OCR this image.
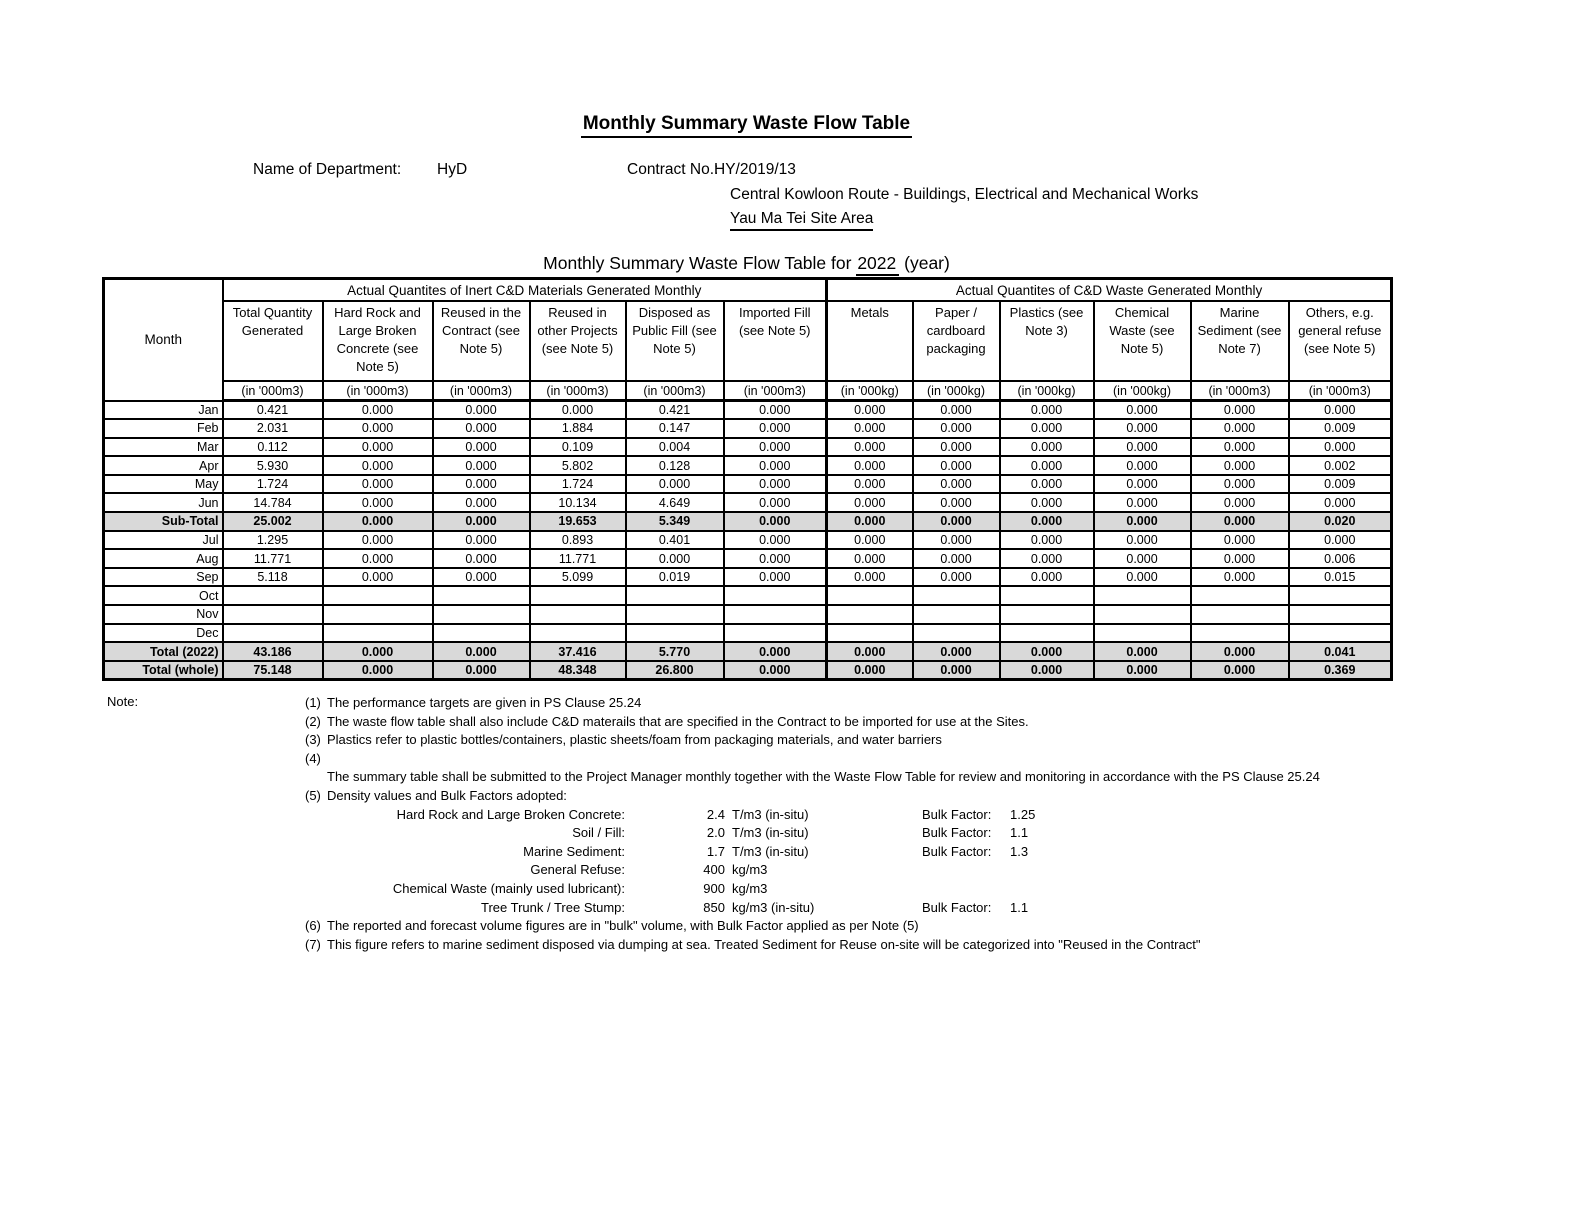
Monthly Summary Waste Flow Table
Name of Department: HyD	Contract No.:
HY/2019/13
Central Kowloon Route - Buildings, Electrical and Mechanical Works
Yau Ma Tei Site Area
Monthly Summary Waste Flow Table for 2022 (year)
Month	Actual Quantites of Inert C&D Materials Generated Monthly						Actual Quantites of C&D Waste Generated Monthly					
	Total Quantity Generated	Hard Rock and Large Broken Concrete (see Note 5)	Reused in the Contract (see Note 5)	Reused in other Projects (see Note 5)	Disposed as Public Fill (see Note 5)	Imported Fill (see Note 5)	Metals	Paper / cardboard packaging	Plastics (see Note 3)	Chemical Waste (see Note 5)	Marine Sediment (see Note 7)	Others, e.g. general refuse (see Note 5)
	(in '000m3)	(in '000m3)	(in '000m3)	(in '000m3)	(in '000m3)	(in '000m3)	(in '000kg)	(in '000kg)	(in '000kg)	(in '000kg)	(in '000m3)	(in '000m3)
Jan	0.421	0.000	0.000	0.000	0.421	0.000	0.000	0.000	0.000	0.000	0.000	0.000
Feb	2.031	0.000	0.000	1.884	0.147	0.000	0.000	0.000	0.000	0.000	0.000	0.009
Mar	0.112	0.000	0.000	0.109	0.004	0.000	0.000	0.000	0.000	0.000	0.000	0.000
Apr	5.930	0.000	0.000	5.802	0.128	0.000	0.000	0.000	0.000	0.000	0.000	0.002
May	1.724	0.000	0.000	1.724	0.000	0.000	0.000	0.000	0.000	0.000	0.000	0.009
Jun	14.784	0.000	0.000	10.134	4.649	0.000	0.000	0.000	0.000	0.000	0.000	0.000
Sub-Total	25.002	0.000	0.000	19.653	5.349	0.000	0.000	0.000	0.000	0.000	0.000	0.020
Jul	1.295	0.000	0.000	0.893	0.401	0.000	0.000	0.000	0.000	0.000	0.000	0.000
Aug	11.771	0.000	0.000	11.771	0.000	0.000	0.000	0.000	0.000	0.000	0.000	0.006
Sep	5.118	0.000	0.000	5.099	0.019	0.000	0.000	0.000	0.000	0.000	0.000	0.015
Oct												
Nov												
Dec												
Total (2022)	43.186	0.000	0.000	37.416	5.770	0.000	0.000	0.000	0.000	0.000	0.000	0.041
Total (whole)	75.148	0.000	0.000	48.348	26.800	0.000	0.000	0.000	0.000	0.000	0.000	0.369
Note:	(1) The performance targets are given in PS Clause 25.24
(2) The waste flow table shall also include C&D materails that are specified in the Contract to be imported for use at the Sites.
(3) Plastics refer to plastic bottles/containers, plastic sheets/foam from packaging materials, and water barriers
(4)
The summary table shall be submitted to the Project Manager monthly together with the Waste Flow Table for review and monitoring in accordance with the PS Clause 25.24
(5) Density values and Bulk Factors adopted:
Hard Rock and Large Broken Concrete:	2.4 T/m3 (in-situ)	Bulk Factor:	1.25
Soil / Fill:	2.0 T/m3 (in-situ)	Bulk Factor:	1.1
Marine Sediment:	1.7 T/m3 (in-situ)	Bulk Factor:	1.3
General Refuse:	400 kg/m3
Chemical Waste (mainly used lubricant):	900 kg/m3
Tree Trunk / Tree Stump:	850 kg/m3 (in-situ)	Bulk Factor:	1.1
(6) The reported and forecast volume figures are in "bulk" volume, with Bulk Factor applied as per Note (5)
(7) This figure refers to marine sediment disposed via dumping at sea. Treated Sediment for Reuse on-site will be categorized into "Reused in the Contract"
